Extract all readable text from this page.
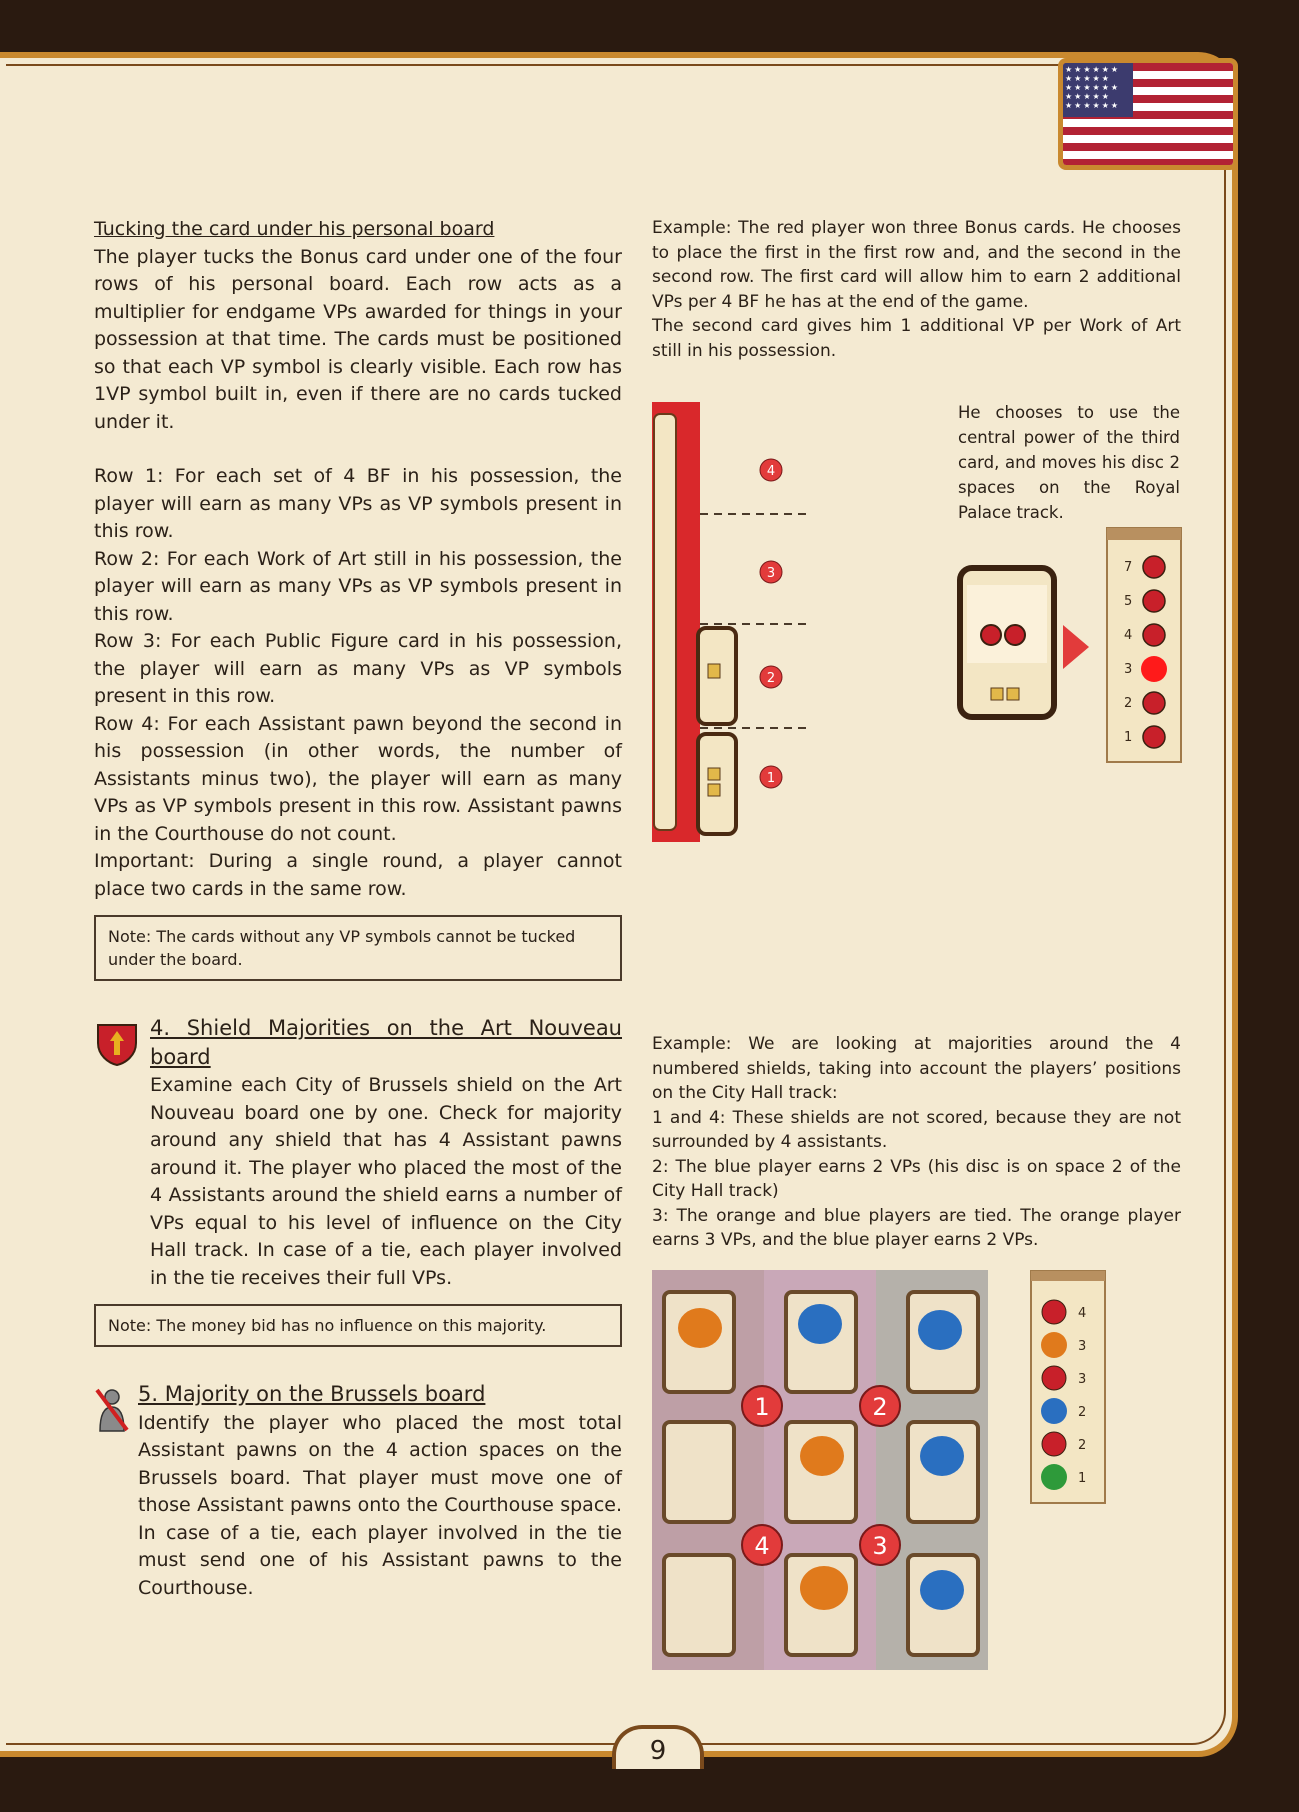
★★★★★★ ★★★★★ ★★★★★★ ★★★★★ ★★★★★★

Tucking the card under his personal board

The player tucks the Bonus card under one of the four rows of his personal board. Each row acts as a multiplier for endgame VPs awarded for things in your possession at that time. The cards must be positioned so that each VP symbol is clearly visible. Each row has 1VP symbol built in, even if there are no cards tucked under it.

Row 1: For each set of 4 BF in his possession, the player will earn as many VPs as VP symbols present in this row.

Row 2: For each Work of Art still in his possession, the player will earn as many VPs as VP symbols present in this row.

Row 3: For each Public Figure card in his possession, the player will earn as many VPs as VP symbols present in this row.

Row 4: For each Assistant pawn beyond the second in his possession (in other words, the number of Assistants minus two), the player will earn as many VPs as VP symbols present in this row. Assistant pawns in the Courthouse do not count.

Important: During a single round, a player cannot place two cards in the same row.

Note: The cards without any VP symbols cannot be tucked under the board.

4. Shield Majorities on the Art Nouveau board

Examine each City of Brussels shield on the Art Nouveau board one by one. Check for majority around any shield that has 4 Assistant pawns around it. The player who placed the most of the 4 Assistants around the shield earns a number of VPs equal to his level of influence on the City Hall track. In case of a tie, each player involved in the tie receives their full VPs.

Note: The money bid has no influence on this majority.

5. Majority on the Brussels board

Identify the player who placed the most total Assistant pawns on the 4 action spaces on the Brussels board. That player must move one of those Assistant pawns onto the Courthouse space. In case of a tie, each player involved in the tie must send one of his Assistant pawns to the Courthouse.

Example: The red player won three Bonus cards. He chooses to place the first in the first row and, and the second in the second row. The first card will allow him to earn 2 additional VPs per 4 BF he has at the end of the game.

The second card gives him 1 additional VP per Work of Art still in his possession.

He chooses to use the central power of the third card, and moves his disc 2 spaces on the Royal Palace track.
4
3
2
1
7
5
4
3
2
1

Example: We are looking at majorities around the 4 numbered shields, taking into account the players’ positions on the City Hall track:

1 and 4: These shields are not scored, because they are not surrounded by 4 assistants.

2: The blue player earns 2 VPs (his disc is on space 2 of the City Hall track)

3: The orange and blue players are tied. The orange player earns 3 VPs, and the blue player earns 2 VPs.

1	2
4	3
4
3
3
2
2
1
9
